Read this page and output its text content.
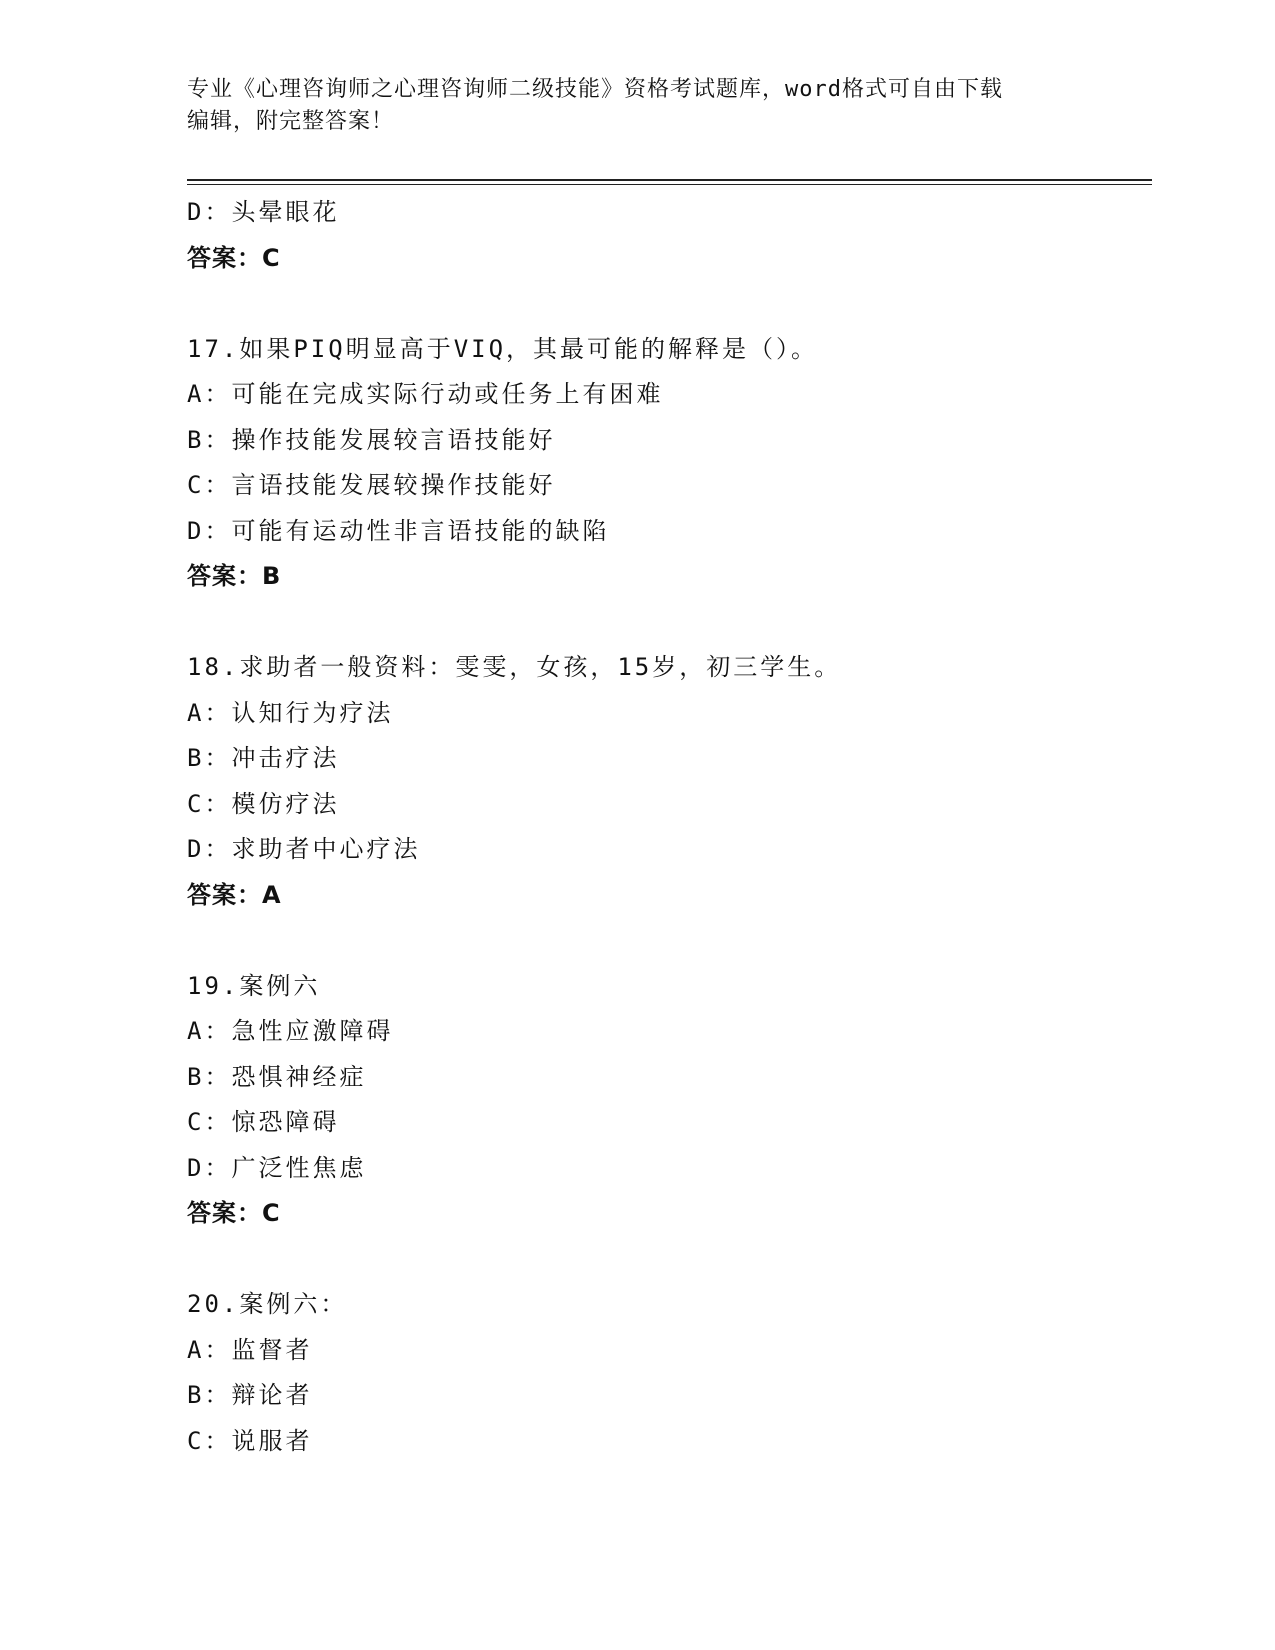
专业《心理咨询师之心理咨询师二级技能》资格考试题库，word格式可自由下载
编辑，附完整答案！
D：头晕眼花
答案：C
17.如果PIQ明显高于VIQ，其最可能的解释是（）。
A：可能在完成实际行动或任务上有困难
B：操作技能发展较言语技能好
C：言语技能发展较操作技能好
D：可能有运动性非言语技能的缺陷
答案：B
18.求助者一般资料：雯雯，女孩，15岁，初三学生。
A：认知行为疗法
B：冲击疗法
C：模仿疗法
D：求助者中心疗法
答案：A
19.案例六
A：急性应激障碍
B：恐惧神经症
C：惊恐障碍
D：广泛性焦虑
答案：C
20.案例六：
A：监督者
B：辩论者
C：说服者
